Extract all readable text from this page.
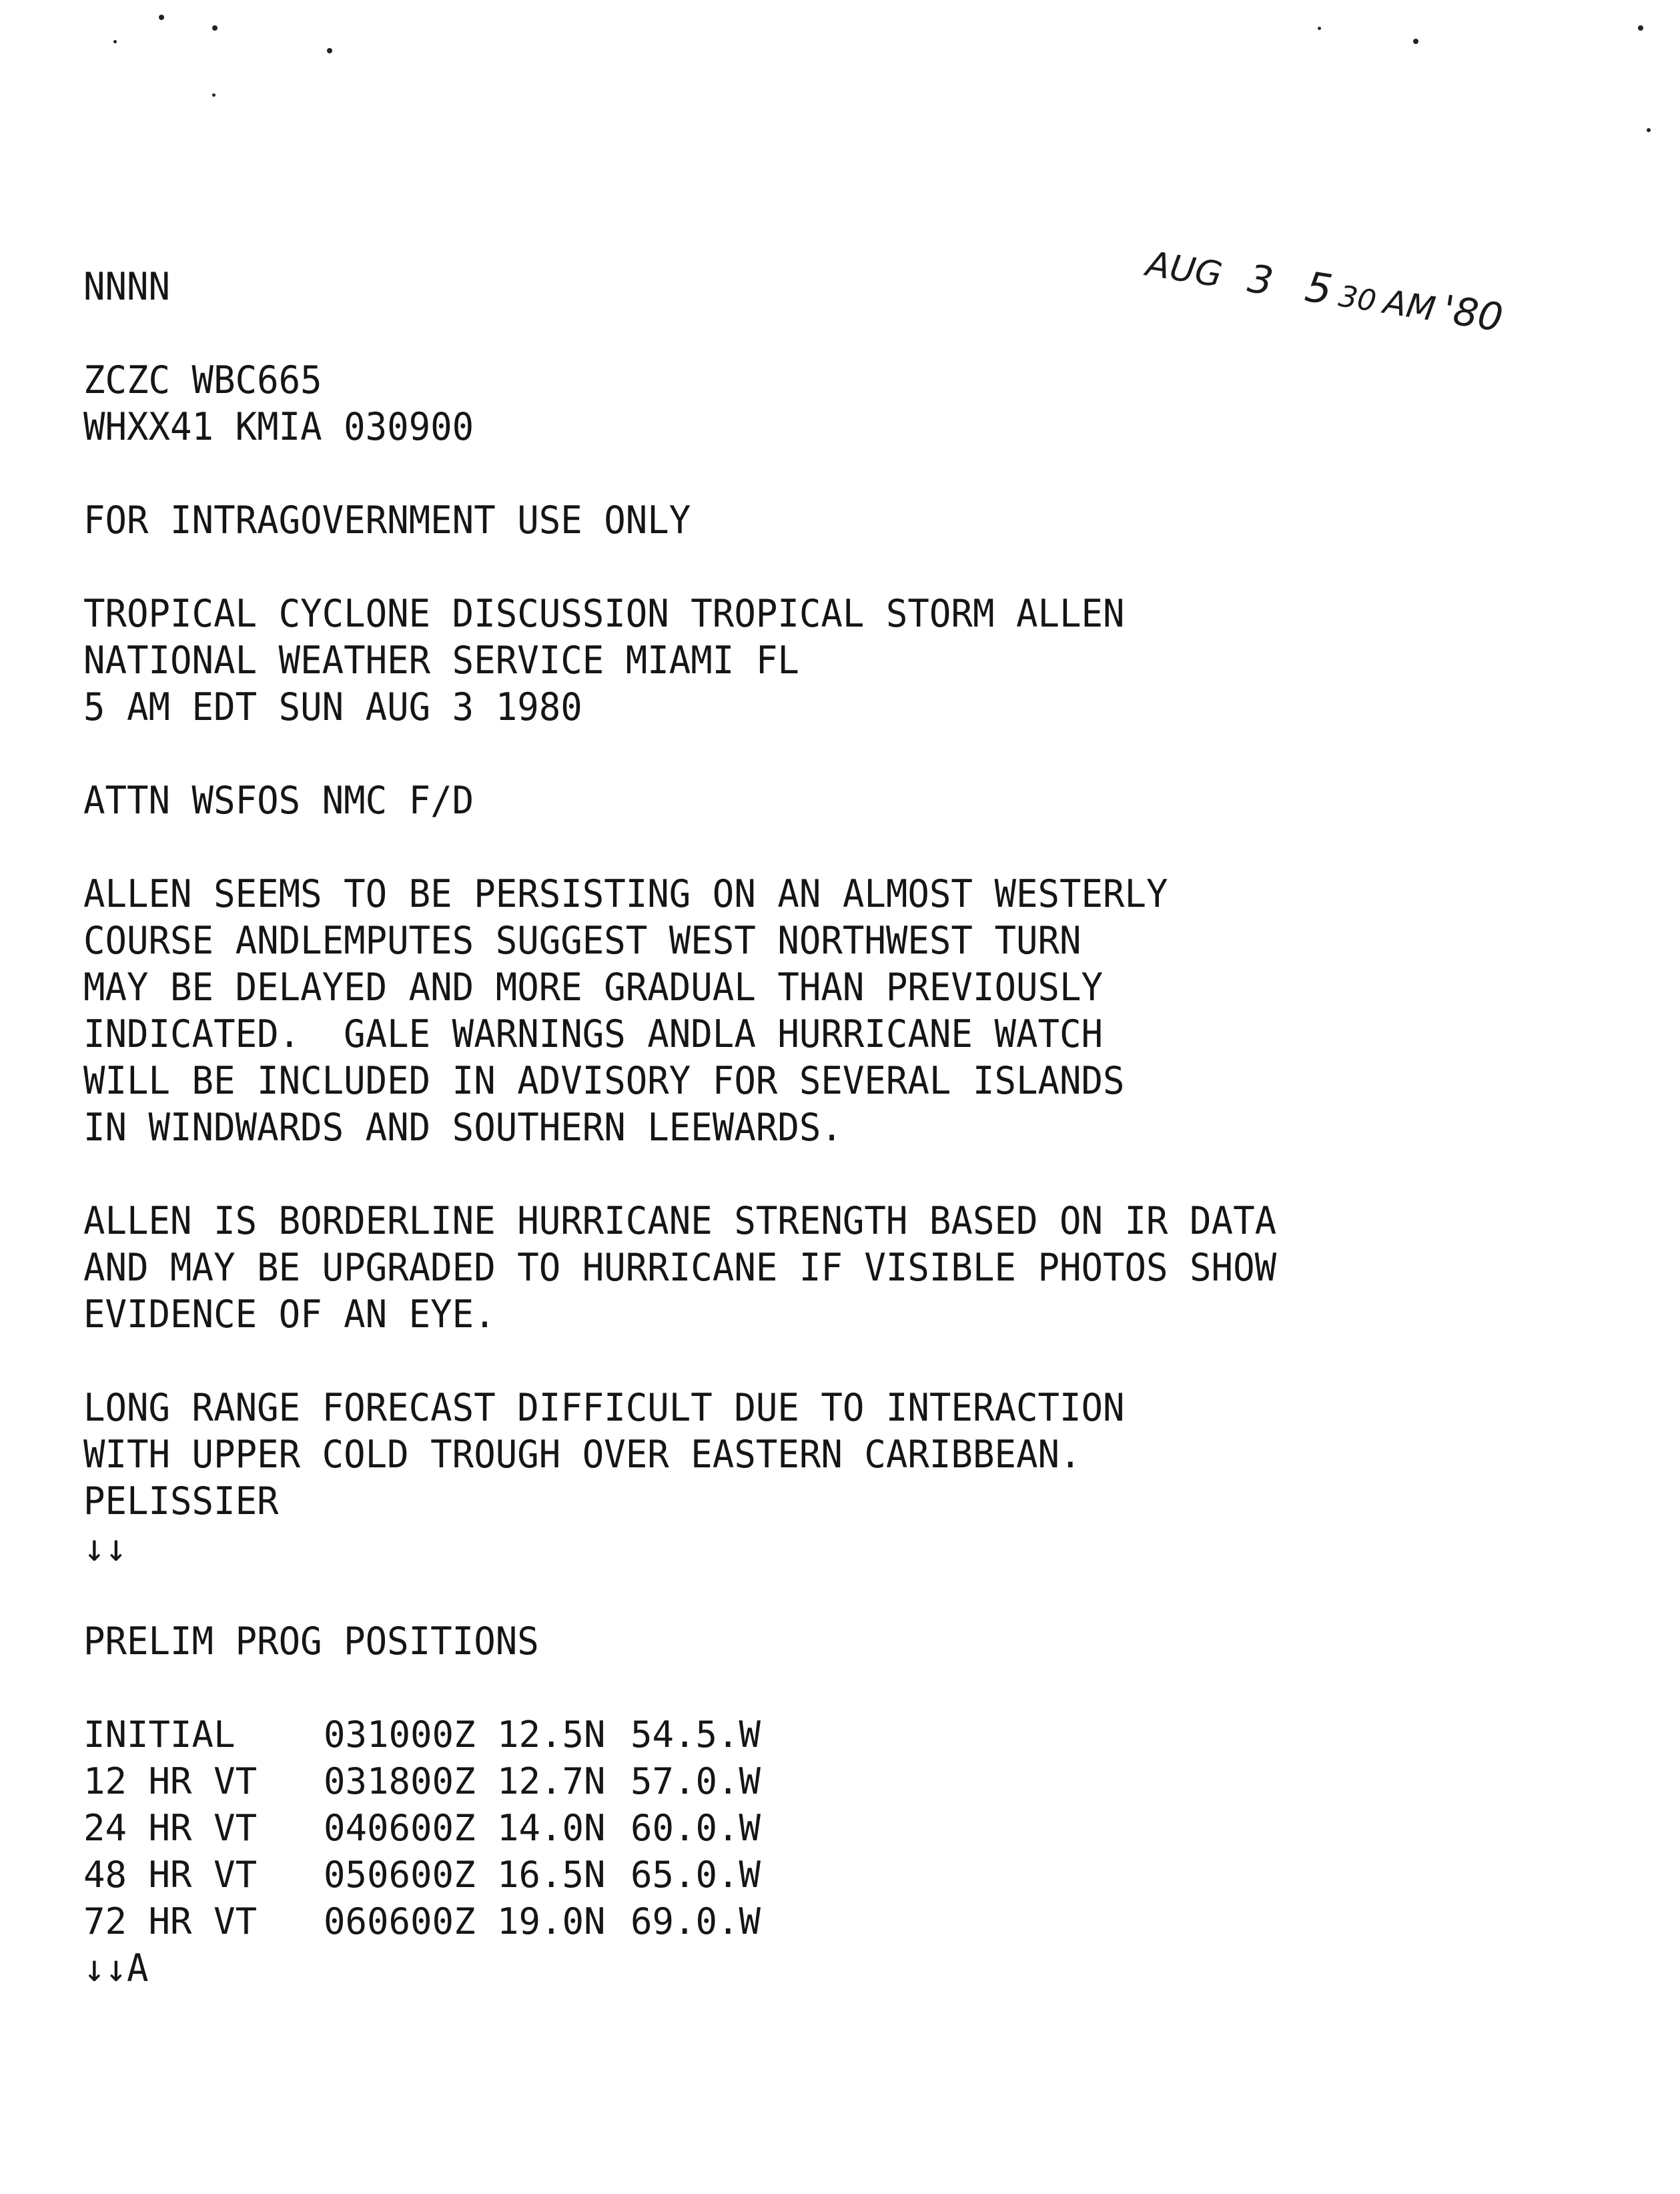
AUG 3 530AM'80
NNNN
ZCZC WBC665
WHXX41 KMIA 030900
FOR INTRAGOVERNMENT USE ONLY
TROPICAL CYCLONE DISCUSSION TROPICAL STORM ALLEN
NATIONAL WEATHER SERVICE MIAMI FL
5 AM EDT SUN AUG 3 1980
ATTN WSFOS NMC F/D
ALLEN SEEMS TO BE PERSISTING ON AN ALMOST WESTERLY
COURSE ANDLEMPUTES SUGGEST WEST NORTHWEST TURN
MAY BE DELAYED AND MORE GRADUAL THAN PREVIOUSLY
INDICATED.  GALE WARNINGS ANDLA HURRICANE WATCH
WILL BE INCLUDED IN ADVISORY FOR SEVERAL ISLANDS
IN WINDWARDS AND SOUTHERN LEEWARDS.
ALLEN IS BORDERLINE HURRICANE STRENGTH BASED ON IR DATA
AND MAY BE UPGRADED TO HURRICANE IF VISIBLE PHOTOS SHOW
EVIDENCE OF AN EYE.
LONG RANGE FORECAST DIFFICULT DUE TO INTERACTION
WITH UPPER COLD TROUGH OVER EASTERN CARIBBEAN.
PELISSIER
↓↓
PRELIM PROG POSITIONS
INITIAL	031000Z 12.5N 54.5.W
12 HR VT	031800Z 12.7N 57.0.W
24 HR VT	040600Z 14.0N 60.0.W
48 HR VT	050600Z 16.5N 65.0.W
72 HR VT	060600Z 19.0N 69.0.W
↓↓A
